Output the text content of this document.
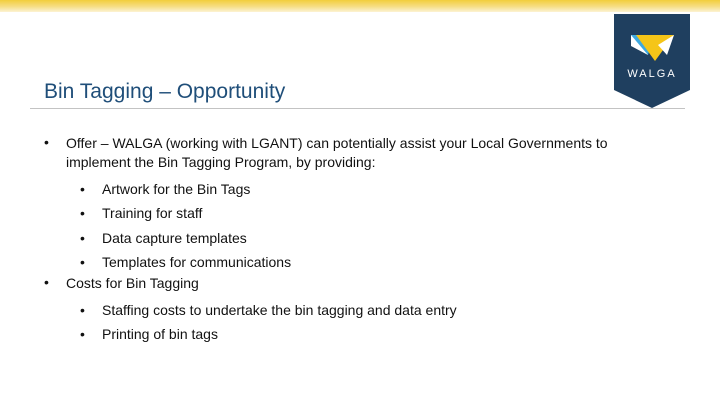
Bin Tagging – Opportunity
WALGA
• Offer – WALGA (working with LGANT) can potentially assist your Local Governments to
implement the Bin Tagging Program, by providing:
• Artwork for the Bin Tags
• Training for staff
• Data capture templates
• Templates for communications
• Costs for Bin Tagging
• Staffing costs to undertake the bin tagging and data entry
• Printing of bin tags
